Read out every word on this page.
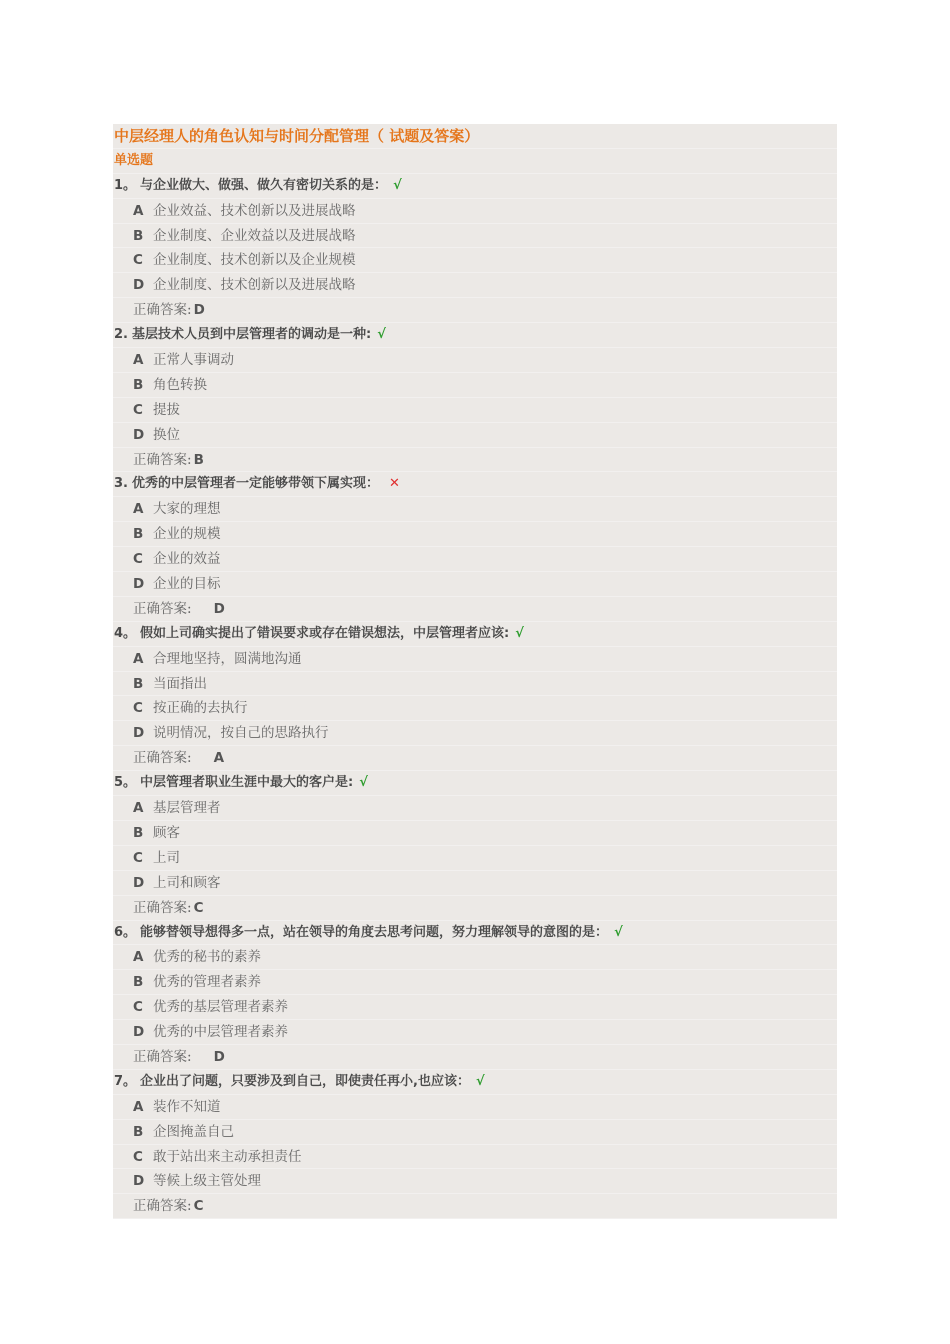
中层经理人的角色认知与时间分配管理（ 试题及答案）
单选题
1。 与企业做大、做强、做久有密切关系的是： √
A 企业效益、技术创新以及进展战略
B 企业制度、企业效益以及进展战略
C 企业制度、技术创新以及企业规模
D 企业制度、技术创新以及进展战略
正确答案: D
2. 基层技术人员到中层管理者的调动是一种: √
A 正常人事调动
B 角色转换
C 提拔
D 换位
正确答案: B
3. 优秀的中层管理者一定能够带领下属实现： ✕
A 大家的理想
B 企业的规模
C 企业的效益
D 企业的目标
正确答案: D
4。 假如上司确实提出了错误要求或存在错误想法，中层管理者应该: √
A 合理地坚持，圆满地沟通
B 当面指出
C 按正确的去执行
D 说明情况，按自己的思路执行
正确答案: A
5。 中层管理者职业生涯中最大的客户是: √
A 基层管理者
B 顾客
C 上司
D 上司和顾客
正确答案: C
6。 能够替领导想得多一点，站在领导的角度去思考问题，努力理解领导的意图的是： √
A 优秀的秘书的素养
B 优秀的管理者素养
C 优秀的基层管理者素养
D 优秀的中层管理者素养
正确答案: D
7。 企业出了问题，只要涉及到自己，即使责任再小,也应该： √
A 装作不知道
B 企图掩盖自己
C 敢于站出来主动承担责任
D 等候上级主管处理
正确答案: C
